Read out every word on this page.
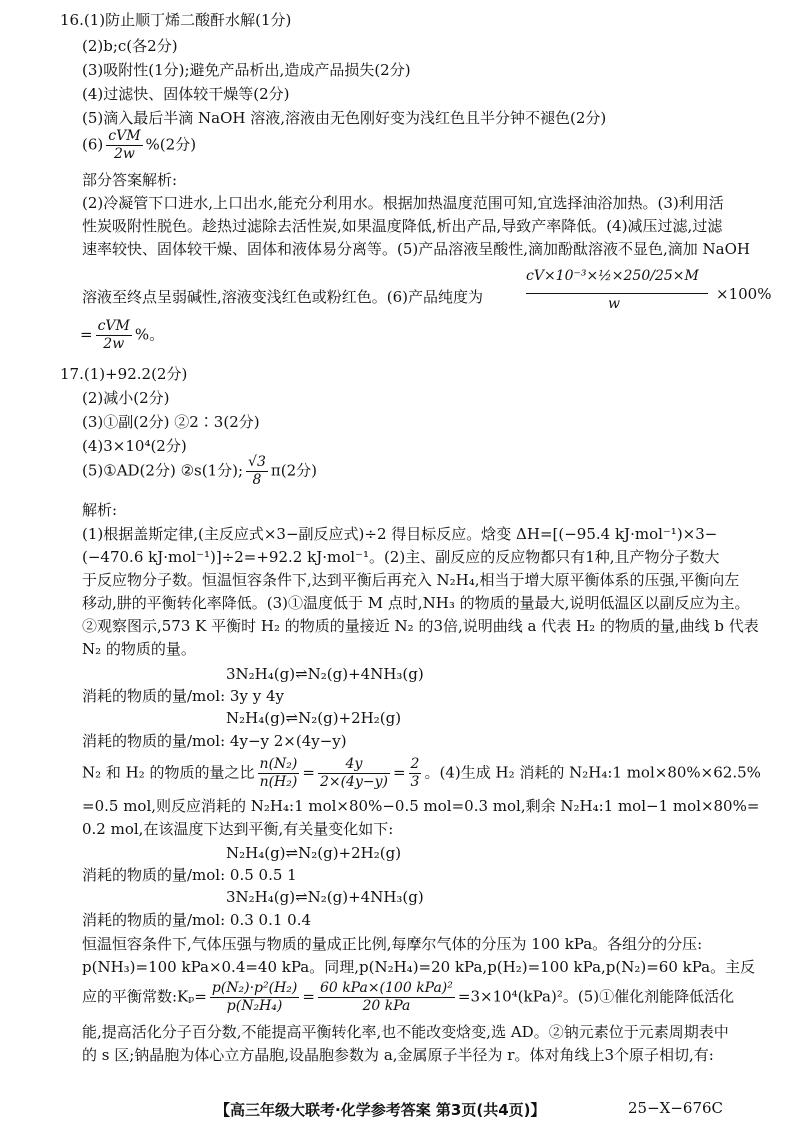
16.(1)防止顺丁烯二酸酐水解(1分)
(2)b;c(各2分)
(3)吸附性(1分);避免产品析出,造成产品损失(2分)
(4)过滤快、固体较干燥等(2分)
(5)滴入最后半滴 NaOH 溶液,溶液由无色刚好变为浅红色且半分钟不褪色(2分)
$(6) \frac{\text{cVM}}{2w} \%(2$分)
部分答案解析:
(2)冷凝管下口进水,上口出水,能充分利用水。根据加热温度范围可知,宜选择油浴加热。(3)利用活
性炭吸附性脱色。趁热过滤除去活性炭,如果温度降低,析出产品,导致产率降低。(4)减压过滤,过滤
速率较快、固体较干燥、固体和液体易分离等。(5)产品溶液呈酸性,滴加酚酞溶液不显色,滴加 NaOH
溶液至终点呈弱碱性,溶液变浅红色或粉红色。(6)产品纯度为
cV×10⁻³×½×250/25×M
w
×100%
= $\frac{\text{cVM}}{2w}$ %。
17.(1)+92.2(2分)
(2)减小(2分)
(3)①副(2分) ②2∶3(2分)
(4)3×10⁴(2分)
(5)①AD(2分) ②s(1分); $\frac{√3}{8} \pi(2$分)
解析:
(1)根据盖斯定律,(主反应式×3−副反应式)÷2 得目标反应。焓变 ΔH=[(−95.4 kJ·mol⁻¹)×3−
(−470.6 kJ·mol⁻¹)]÷2=+92.2 kJ·mol⁻¹。(2)主、副反应的反应物都只有1种,且产物分子数大
于反应物分子数。恒温恒容条件下,达到平衡后再充入 N₂H₄,相当于增大原平衡体系的压强,平衡向左
移动,肼的平衡转化率降低。(3)①温度低于 M 点时,NH₃ 的物质的量最大,说明低温区以副反应为主。
②观察图示,573 K 平衡时 H₂ 的物质的量接近 N₂ 的3倍,说明曲线 a 代表 H₂ 的物质的量,曲线 b 代表
N₂ 的物质的量。
3N₂H₄(g)⇌N₂(g)+4NH₃(g)
消耗的物质的量/mol: 3y y 4y
N₂H₄(g)⇌N₂(g)+2H₂(g)
消耗的物质的量/mol: 4y−y 2×(4y−y)
N₂ 和 H₂ 的物质的量之比 $\frac{\text{n(N₂)}}{\text{n(H₂)}} = \frac{4y}{2\times(4y-y)} = \frac{2}{3}$ 。(4)生成 H₂ 消耗的 N₂H₄:1 mol×80%×62.5%
=0.5 mol,则反应消耗的 N₂H₄:1 mol×80%−0.5 mol=0.3 mol,剩余 N₂H₄:1 mol−1 mol×80%=
0.2 mol,在该温度下达到平衡,有关量变化如下:
N₂H₄(g)⇌N₂(g)+2H₂(g)
消耗的物质的量/mol: 0.5 0.5 1
3N₂H₄(g)⇌N₂(g)+4NH₃(g)
消耗的物质的量/mol: 0.3 0.1 0.4
恒温恒容条件下,气体压强与物质的量成正比例,每摩尔气体的分压为 100 kPa。各组分的分压:
p(NH₃)=100 kPa×0.4=40 kPa。同理,p(N₂H₄)=20 kPa,p(H₂)=100 kPa,p(N₂)=60 kPa。主反
应的平衡常数:Kₚ= $\frac{\text{p(N₂)·p²(H₂)}}{\text{p(N₂H₄)}} = \frac{\text{60 kPa×(100 kPa)²}}{\text{20 kPa}} =3\times 10^4(kPa)^2$。(5)①催化剂能降低活化
能,提高活化分子百分数,不能提高平衡转化率,也不能改变焓变,选 AD。②钠元素位于元素周期表中
的 s 区;钠晶胞为体心立方晶胞,设晶胞参数为 a,金属原子半径为 r。体对角线上3个原子相切,有:
【高三年级大联考·化学参考答案 第3页(共4页)】	25−X−676C
